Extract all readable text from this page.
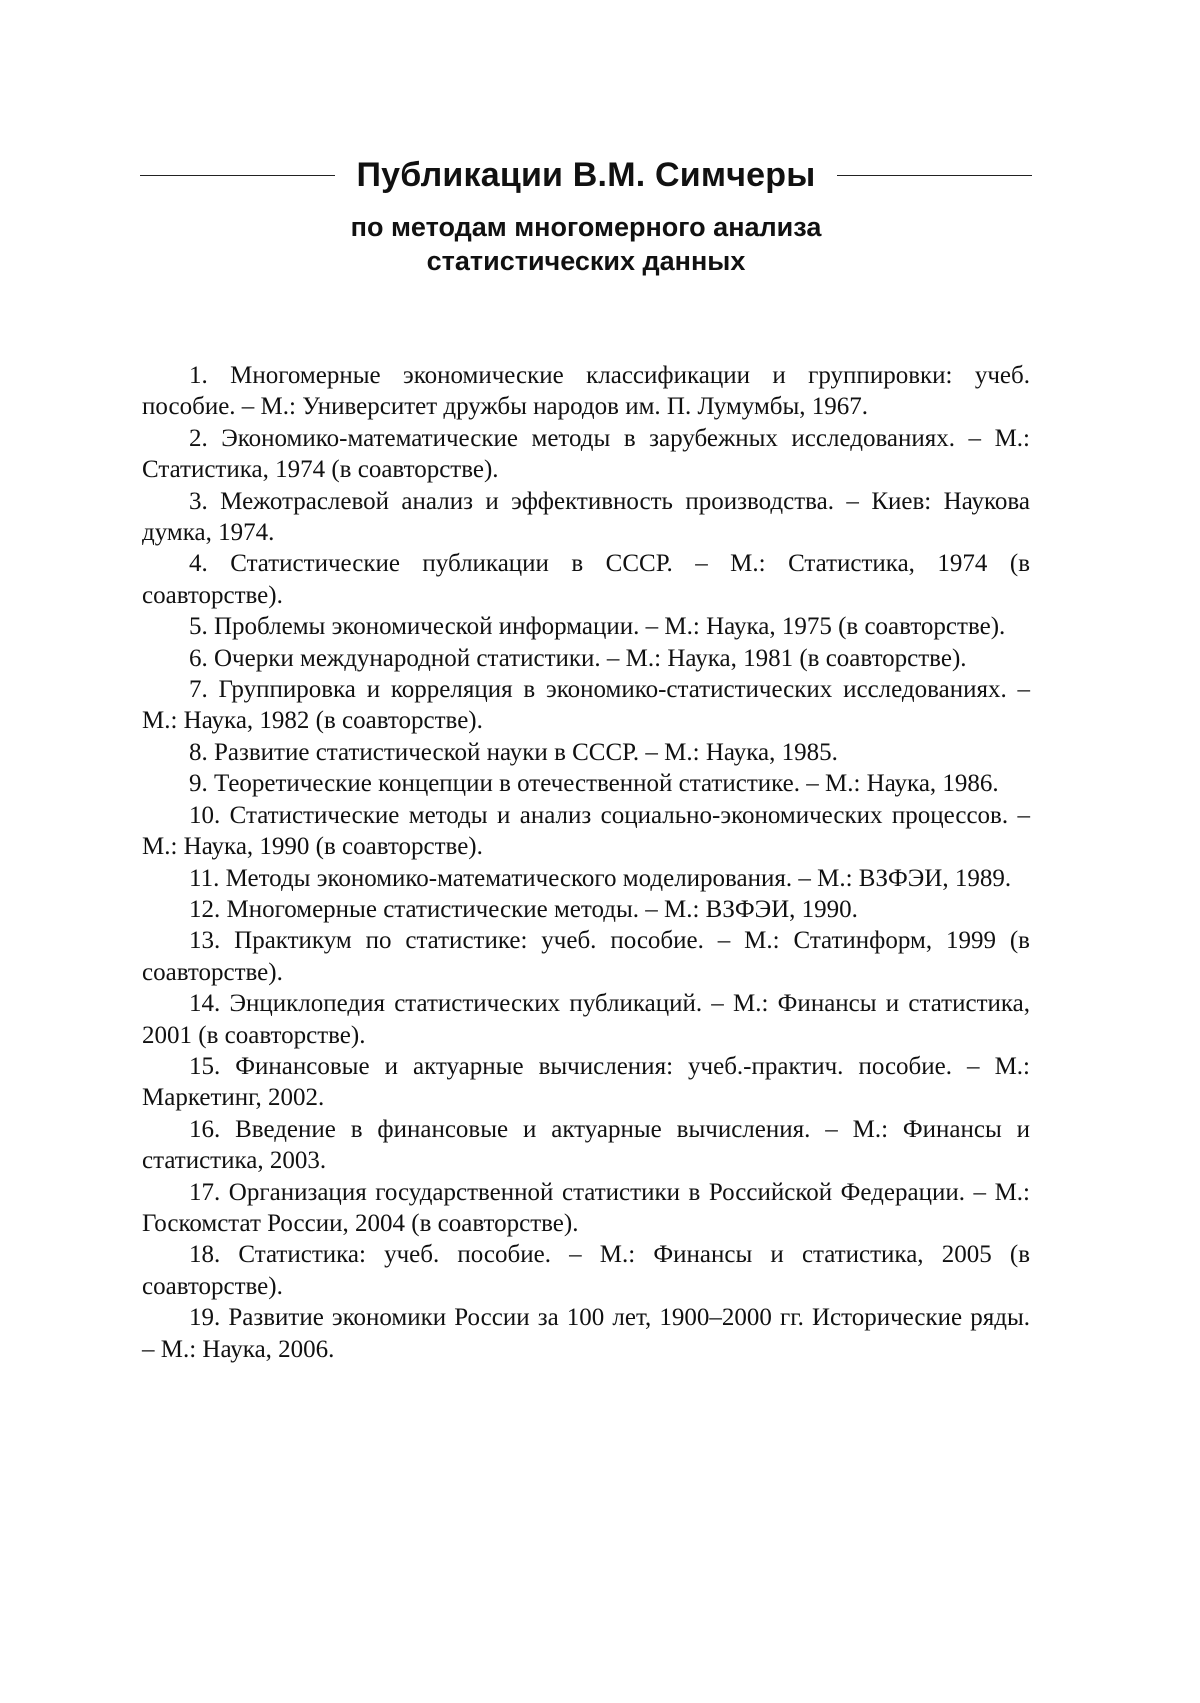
Публикации В.М. Симчеры
по методам многомерного анализа
статистических данных
1. Многомерные экономические классификации и группировки: учеб. пособие. – М.: Университет дружбы народов им. П. Лумумбы, 1967.
2. Экономико-математические методы в зарубежных исследованиях. – М.: Статистика, 1974 (в соавторстве).
3. Межотраслевой анализ и эффективность производства. – Киев: Наукова думка, 1974.
4. Статистические публикации в СССР. – М.: Статистика, 1974 (в соавторстве).
5. Проблемы экономической информации. – М.: Наука, 1975 (в соавторстве).
6. Очерки международной статистики. – М.: Наука, 1981 (в соавторстве).
7. Группировка и корреляция в экономико-статистических исследованиях. – М.: Наука, 1982 (в соавторстве).
8. Развитие статистической науки в СССР. – М.: Наука, 1985.
9. Теоретические концепции в отечественной статистике. – М.: Наука, 1986.
10. Статистические методы и анализ социально-экономических процессов. – М.: Наука, 1990 (в соавторстве).
11. Методы экономико-математического моделирования. – М.: ВЗФЭИ, 1989.
12. Многомерные статистические методы. – М.: ВЗФЭИ, 1990.
13. Практикум по статистике: учеб. пособие. – М.: Статинформ, 1999 (в соавторстве).
14. Энциклопедия статистических публикаций. – М.: Финансы и статистика, 2001 (в соавторстве).
15. Финансовые и актуарные вычисления: учеб.-практич. пособие. – М.: Маркетинг, 2002.
16. Введение в финансовые и актуарные вычисления. – М.: Финансы и статистика, 2003.
17. Организация государственной статистики в Российской Федерации. – М.: Госкомстат России, 2004 (в соавторстве).
18. Статистика: учеб. пособие. – М.: Финансы и статистика, 2005 (в соавторстве).
19. Развитие экономики России за 100 лет, 1900–2000 гг. Исторические ряды. – М.: Наука, 2006.
